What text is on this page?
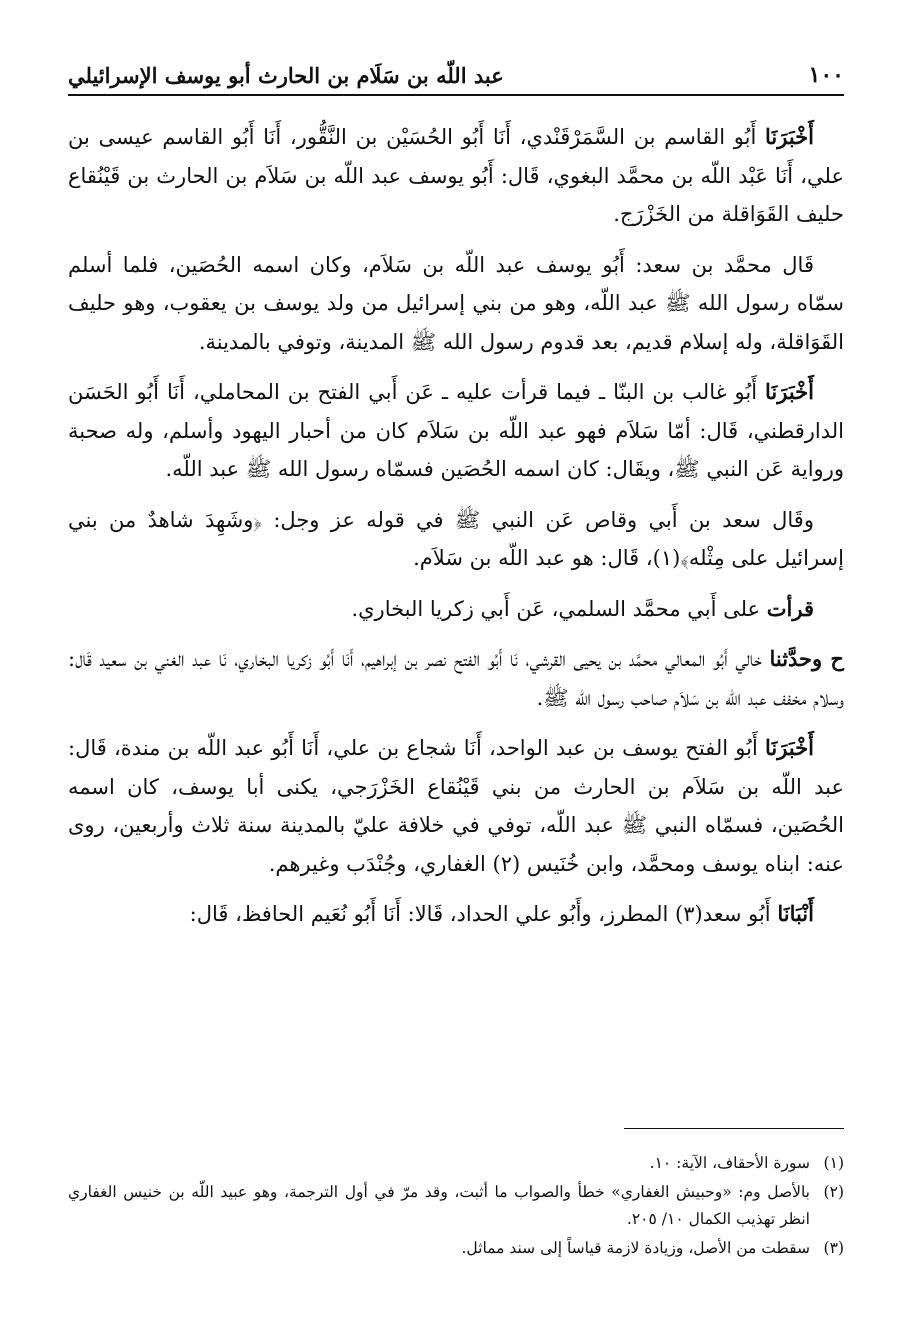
١٠٠
عبد اللّه بن سَلَام بن الحارث أبو يوسف الإسرائيلي

أَخْبَرَنَا أَبُو القاسم بن السَّمَرْقَنْدي، أَنَا أَبُو الحُسَيْن بن النَّقُّور، أَنَا أَبُو القاسم عيسى بن علي، أَنَا عَبْد اللّه بن محمَّد البغوي، قَال: أَبُو يوسف عبد اللّه بن سَلاَم بن الحارث بن قَيْنُقاع حليف القَوَاقلة من الخَزْرَج.

قَال محمَّد بن سعد: أَبُو يوسف عبد اللّه بن سَلاَم، وكان اسمه الحُصَين، فلما أسلم سمّاه رسول الله ﷺ عبد اللّه، وهو من بني إسرائيل من ولد يوسف بن يعقوب، وهو حليف القَوَاقلة، وله إسلام قديم، بعد قدوم رسول الله ﷺ المدينة، وتوفي بالمدينة.

أَخْبَرَنَا أَبُو غالب بن البنّا ـ فيما قرأت عليه ـ عَن أَبي الفتح بن المحاملي، أَنَا أَبُو الحَسَن الدارقطني، قَال: أمّا سَلاَم فهو عبد اللّه بن سَلاَم كان من أحبار اليهود وأسلم، وله صحبة ورواية عَن النبي ﷺ، ويقَال: كان اسمه الحُصَين فسمّاه رسول الله ﷺ عبد اللّه.

وقَال سعد بن أَبي وقاص عَن النبي ﷺ في قوله عز وجل: ﴿وشَهِدَ شاهدٌ من بني إسرائيل على مِثْله﴾(١)، قَال: هو عبد اللّه بن سَلاَم.

قرأت على أَبي محمَّد السلمي، عَن أَبي زكريا البخاري.

ح وحدَّثنا خالي أَبُو المعالي محمَّد بن يحيى القرشي، نَا أَبُو الفتح نصر بن إبراهيم، أَنَا أَبُو زكريا البخاري، نَا عبد الغني بن سعيد قَال: وسلام مخفف عبد اللّه بن سَلاَم صاحب رسول الله ﷺ.

أَخْبَرَنَا أَبُو الفتح يوسف بن عبد الواحد، أَنَا شجاع بن علي، أَنَا أَبُو عبد اللّه بن مندة، قَال: عبد اللّه بن سَلاَم بن الحارث من بني قَيْنُقاع الخَزْرَجي، يكنى أبا يوسف، كان اسمه الحُصَين، فسمّاه النبي ﷺ عبد اللّه، توفي في خلافة عليّ بالمدينة سنة ثلاث وأربعين، روى عنه: ابناه يوسف ومحمَّد، وابن خُنَيس (٢) الغفاري، وجُنْدَب وغيرهم.

أَنْبَانَا أَبُو سعد(٣) المطرز، وأَبُو علي الحداد، قَالا: أَنَا أَبُو نُعَيم الحافظ، قَال:

(١)
سورة الأحقاف، الآية: ١٠.
(٢)
بالأصل وم: «وحبيش الغفاري» خطأ والصواب ما أثبت، وقد مرّ في أول الترجمة، وهو عبيد اللّه بن خنيس الغفاري انظر تهذيب الكمال ١٠/ ٢٠٥.
(٣)
سقطت من الأصل، وزيادة لازمة قياساً إلى سند مماثل.
